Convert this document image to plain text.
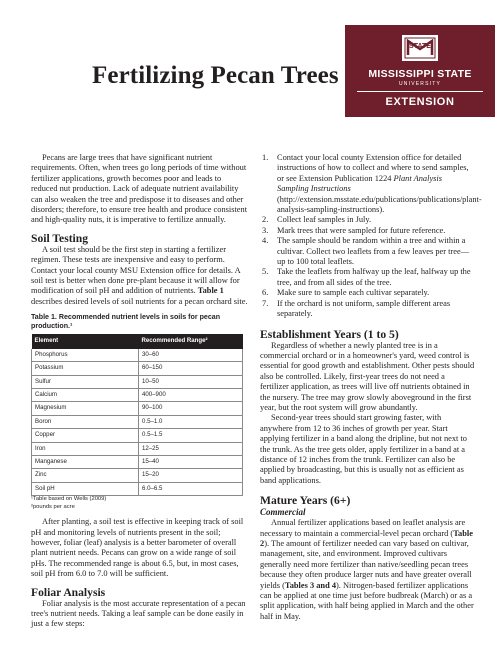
Fertilizing Pecan Trees
STATE
MISSISSIPPI STATE
UNIVERSITY
EXTENSION

Pecans are large trees that have significant nutrient requirements. Often, when trees go long periods of time without fertilizer applications, growth becomes poor and leads to reduced nut production. Lack of adequate nutrient availability can also weaken the tree and predispose it to diseases and other disorders; therefore, to ensure tree health and produce consistent and high-quality nuts, it is imperative to fertilize annually.

Soil Testing

A soil test should be the first step in starting a fertilizer regimen. These tests are inexpensive and easy to perform. Contact your local county MSU Extension office for details. A soil test is better when done pre-plant because it will allow for modification of soil pH and addition of nutrients. Table 1 describes desired levels of soil nutrients for a pecan orchard site.

Table 1. Recommended nutrient levels in soils for pecan production.¹
Element	Recommended Range²
Phosphorus	30–60
Potassium	60–150
Sulfur	10–50
Calcium	400–900
Magnesium	90–100
Boron	0.5–1.0
Copper	0.5–1.5
Iron	12–25
Manganese	15–40
Zinc	15–20
Soil pH	6.0–6.5
¹Table based on Wells (2009)
²pounds per acre

After planting, a soil test is effective in keeping track of soil pH and monitoring levels of nutrients present in the soil; however, foliar (leaf) analysis is a better barometer of overall plant nutrient needs. Pecans can grow on a wide range of soil pHs. The recommended range is about 6.5, but, in most cases, soil pH from 6.0 to 7.0 will be sufficient.

Foliar Analysis

Foliar analysis is the most accurate representation of a pecan tree's nutrient needs. Taking a leaf sample can be done easily in just a few steps:

1. Contact your local county Extension office for detailed instructions of how to collect and where to send samples, or see Extension Publication 1224 Plant Analysis Sampling Instructions (http://extension.msstate.edu/publications/publications/plant-analysis-sampling-instructions).
2. Collect leaf samples in July.
3. Mark trees that were sampled for future reference.
4. The sample should be random within a tree and within a cultivar. Collect two leaflets from a few leaves per tree—up to 100 total leaflets.
5. Take the leaflets from halfway up the leaf, halfway up the tree, and from all sides of the tree.
6. Make sure to sample each cultivar separately.
7. If the orchard is not uniform, sample different areas separately.
Establishment Years (1 to 5)

Regardless of whether a newly planted tree is in a commercial orchard or in a homeowner's yard, weed control is essential for good growth and establishment. Other pests should also be controlled. Likely, first-year trees do not need a fertilizer application, as trees will live off nutrients obtained in the nursery. The tree may grow slowly aboveground in the first year, but the root system will grow abundantly.

Second-year trees should start growing faster, with anywhere from 12 to 36 inches of growth per year. Start applying fertilizer in a band along the dripline, but not next to the trunk. As the tree gets older, apply fertilizer in a band at a distance of 12 inches from the trunk. Fertilizer can also be applied by broadcasting, but this is usually not as efficient as band applications.

Mature Years (6+)
Commercial

Annual fertilizer applications based on leaflet analysis are necessary to maintain a commercial-level pecan orchard (Table 2). The amount of fertilizer needed can vary based on cultivar, management, site, and environment. Improved cultivars generally need more fertilizer than native/seedling pecan trees because they often produce larger nuts and have greater overall yields (Tables 3 and 4). Nitrogen-based fertilizer applications can be applied at one time just before budbreak (March) or as a split application, with half being applied in March and the other half in May.
